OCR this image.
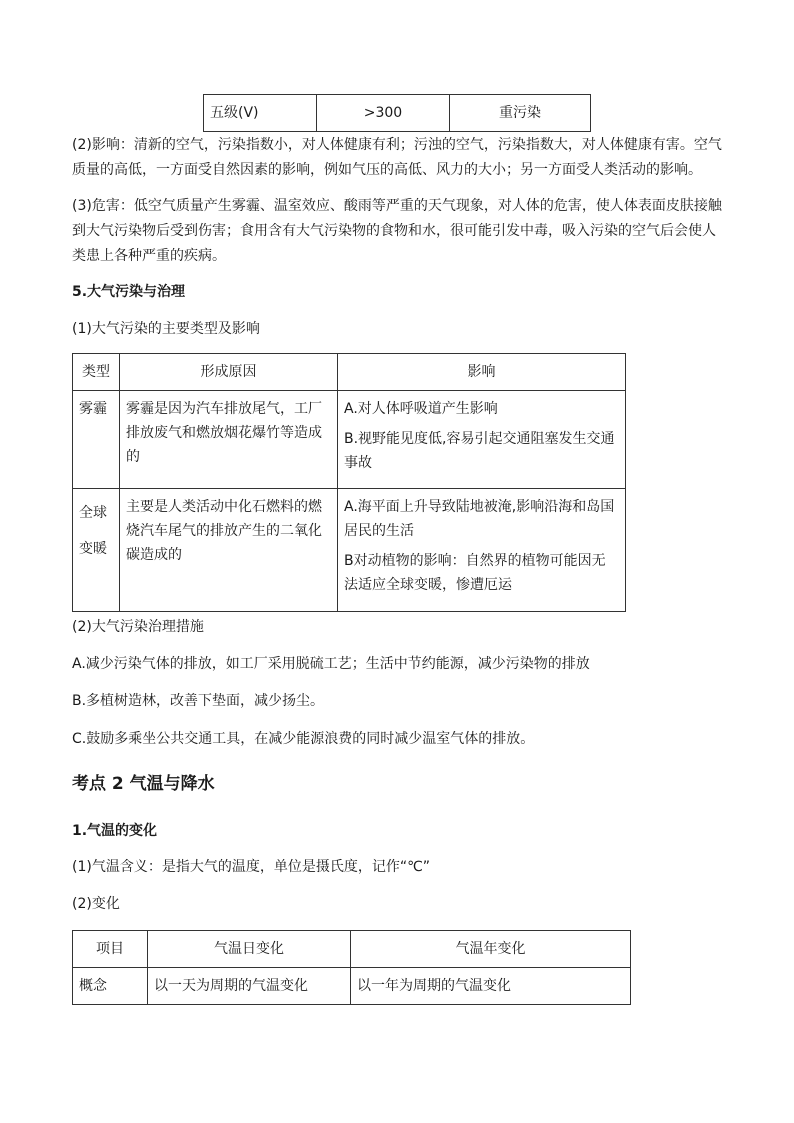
五级(Ⅴ)	>300	重污染
(2)影响：清新的空气，污染指数小，对人体健康有利；污浊的空气，污染指数大，对人体健康有害。空气质量的高低，一方面受自然因素的影响，例如气压的高低、风力的大小；另一方面受人类活动的影响。
(3)危害：低空气质量产生雾霾、温室效应、酸雨等严重的天气现象，对人体的危害，使人体表面皮肤接触到大气污染物后受到伤害；食用含有大气污染物的食物和水，很可能引发中毒，吸入污染的空气后会使人类患上各种严重的疾病。
5.大气污染与治理
(1)大气污染的主要类型及影响
类型	形成原因	影响
雾霾	雾霾是因为汽车排放尾气，工厂排放废气和燃放烟花爆竹等造成的	A.对人体呼吸道产生影响

B.视野能见度低,容易引起交通阻塞发生交通事故

全球变暖	主要是人类活动中化石燃料的燃烧汽车尾气的排放产生的二氧化碳造成的	A.海平面上升导致陆地被淹,影响沿海和岛国居民的生活

B对动植物的影响：自然界的植物可能因无法适应全球变暖，惨遭厄运

(2)大气污染治理措施
A.减少污染气体的排放，如工厂采用脱硫工艺；生活中节约能源，减少污染物的排放
B.多植树造林，改善下垫面，减少扬尘。
C.鼓励多乘坐公共交通工具，在减少能源浪费的同时减少温室气体的排放。
考点 2 气温与降水
1.气温的变化
(1)气温含义：是指大气的温度，单位是摄氏度，记作“℃”
(2)变化
项目	气温日变化	气温年变化
概念	以一天为周期的气温变化	以一年为周期的气温变化
